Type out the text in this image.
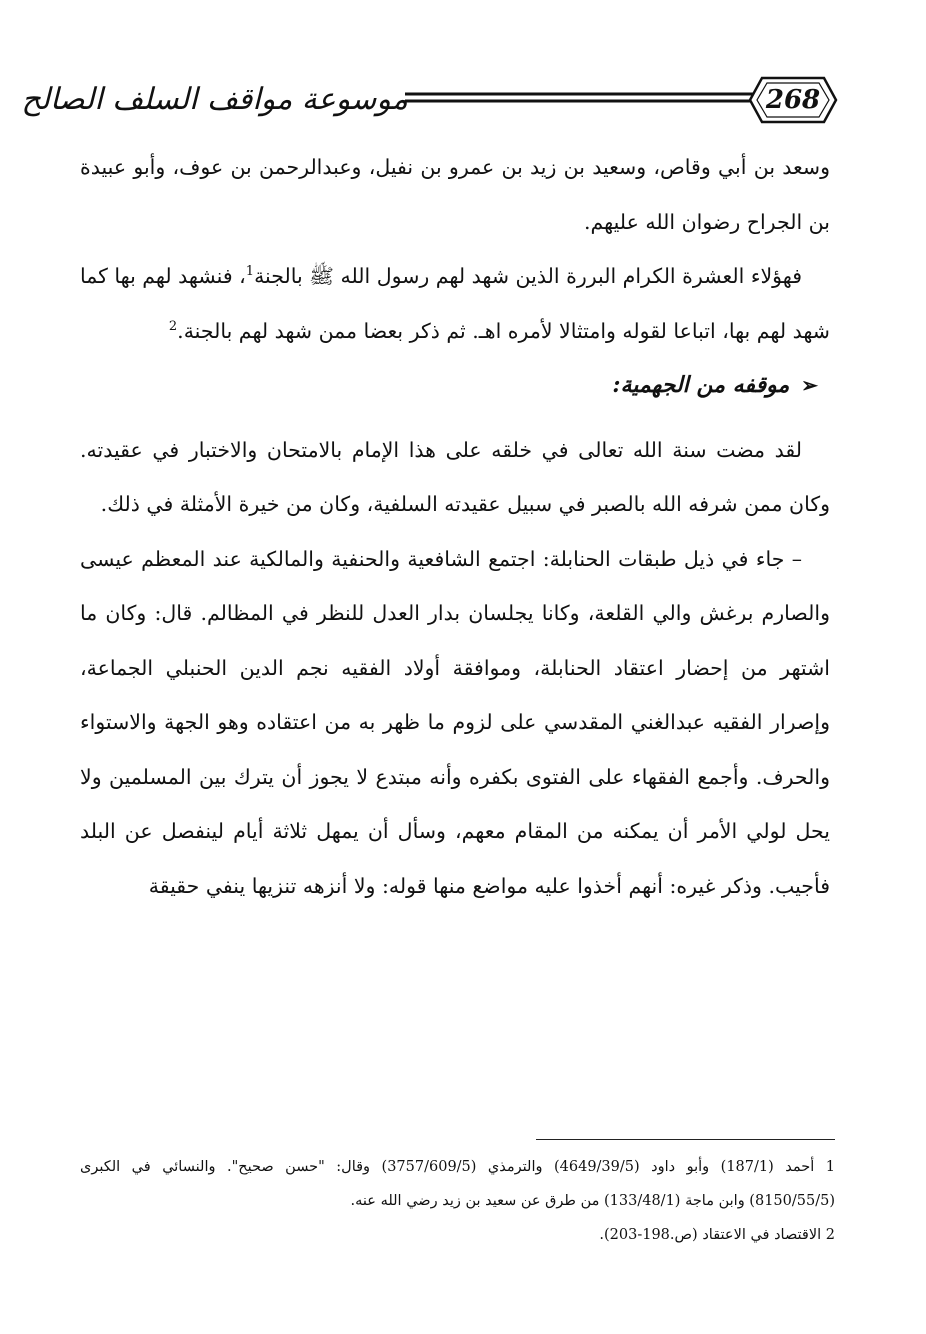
موسوعة مواقف السلف الصالح	268

وسعد بن أبي وقاص، وسعيد بن زيد بن عمرو بن نفيل، وعبدالرحمن بن عوف، وأبو عبيدة بن الجراح رضوان الله عليهم.

فهؤلاء العشرة الكرام البررة الذين شهد لهم رسول الله ﷺ بالجنة$^1$، فنشهد لهم بها كما شهد لهم بها، اتباعا لقوله وامتثالا لأمره اهـ. ثم ذكر بعضا ممن شهد لهم بالجنة.$^2$

➢موقفه من الجهمية:

لقد مضت سنة الله تعالى في خلقه على هذا الإمام بالامتحان والاختبار في عقيدته. وكان ممن شرفه الله بالصبر في سبيل عقيدته السلفية، وكان من خيرة الأمثلة في ذلك.

– جاء في ذيل طبقات الحنابلة: اجتمع الشافعية والحنفية والمالكية عند المعظم عيسى والصارم برغش والي القلعة، وكانا يجلسان بدار العدل للنظر في المظالم. قال: وكان ما اشتهر من إحضار اعتقاد الحنابلة، وموافقة أولاد الفقيه نجم الدين الحنبلي الجماعة، وإصرار الفقيه عبدالغني المقدسي على لزوم ما ظهر به من اعتقاده وهو الجهة والاستواء والحرف. وأجمع الفقهاء على الفتوى بكفره وأنه مبتدع لا يجوز أن يترك بين المسلمين ولا يحل لولي الأمر أن يمكنه من المقام معهم، وسأل أن يمهل ثلاثة أيام لينفصل عن البلد فأجيب. وذكر غيره: أنهم أخذوا عليه مواضع منها قوله: ولا أنزهه تنزيها ينفي حقيقة

1 أحمد (187/1) وأبو داود (4649/39/5) والترمذي (3757/609/5) وقال: "حسن صحيح". والنسائي في الكبرى (8150/55/5) وابن ماجة (133/48/1) من طرق عن سعيد بن زيد رضي الله عنه.

2 الاقتصاد في الاعتقاد (ص.198-203).
